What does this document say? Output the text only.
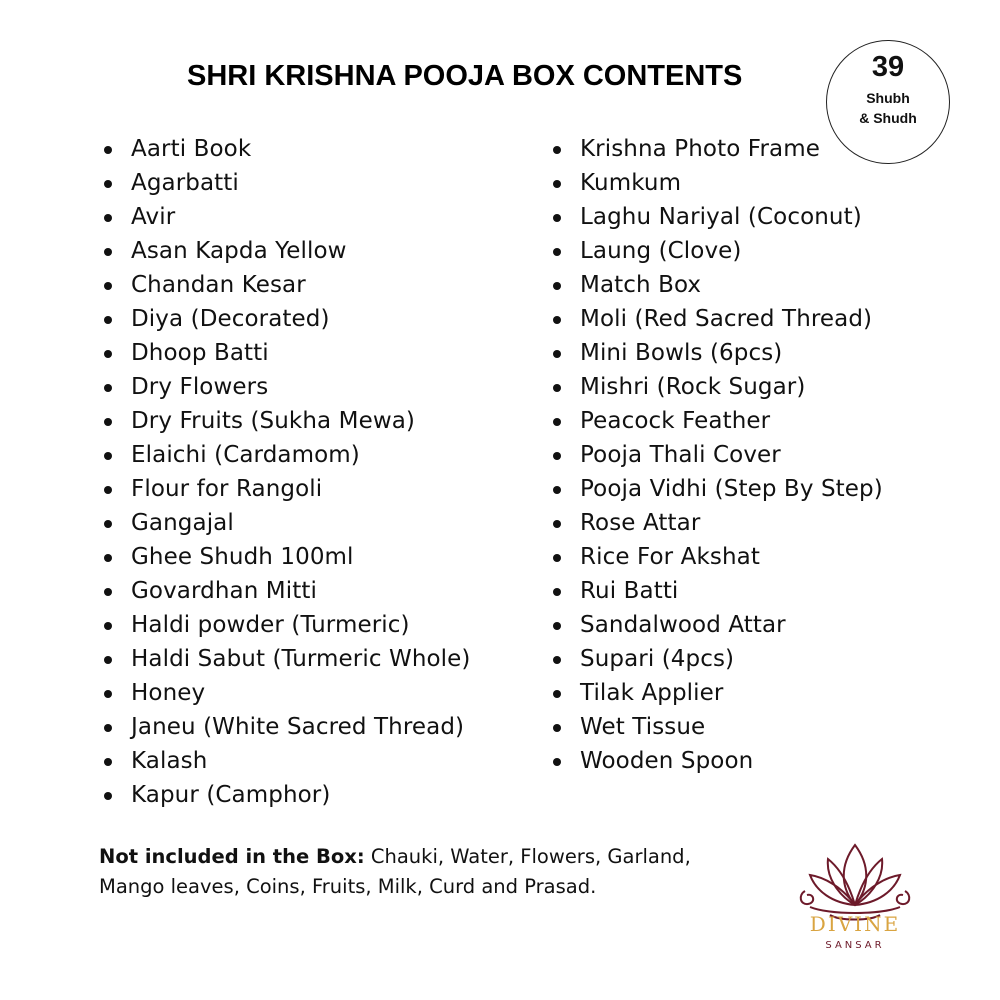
SHRI KRISHNA POOJA BOX CONTENTS	39
Shubh
& Shudh
Aarti Book
Agarbatti
Avir
Asan Kapda Yellow
Chandan Kesar
Diya (Decorated)
Dhoop Batti
Dry Flowers
Dry Fruits (Sukha Mewa)
Elaichi (Cardamom)
Flour for Rangoli
Gangajal
Ghee Shudh 100ml
Govardhan Mitti
Haldi powder (Turmeric)
Haldi Sabut (Turmeric Whole)
Honey
Janeu (White Sacred Thread)
Kalash
Kapur (Camphor)
Krishna Photo Frame
Kumkum
Laghu Nariyal (Coconut)
Laung (Clove)
Match Box
Moli (Red Sacred Thread)
Mini Bowls (6pcs)
Mishri (Rock Sugar)
Peacock Feather
Pooja Thali Cover
Pooja Vidhi (Step By Step)
Rose Attar
Rice For Akshat
Rui Batti
Sandalwood Attar
Supari (4pcs)
Tilak Applier
Wet Tissue
Wooden Spoon
Not included in the Box: Chauki, Water, Flowers, Garland, Mango leaves, Coins, Fruits, Milk, Curd and Prasad.
DIVINE
SANSAR
